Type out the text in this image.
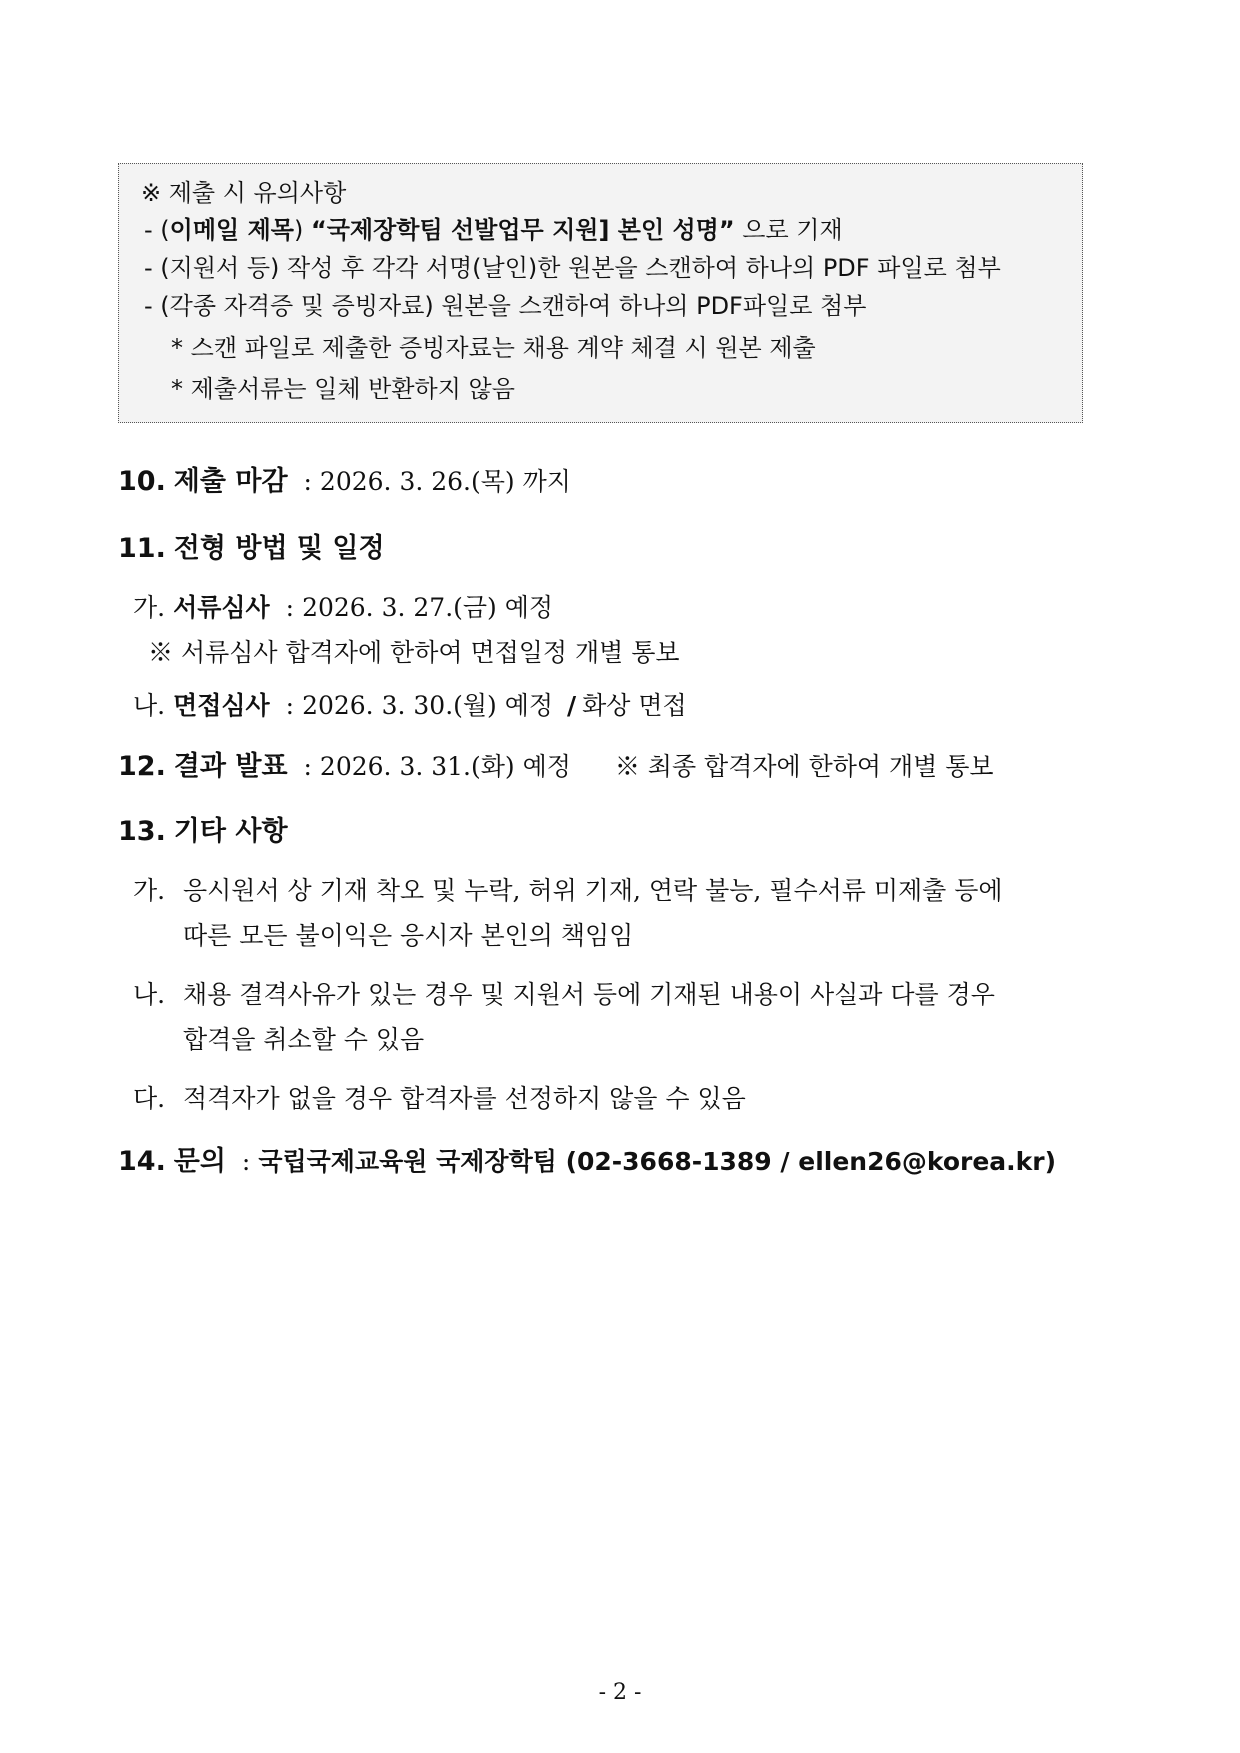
※ 제출 시 유의사항
- (이메일 제목) “국제장학팀 선발업무 지원] 본인 성명” 으로 기재
- (지원서 등) 작성 후 각각 서명(날인)한 원본을 스캔하여 하나의 PDF 파일로 첨부
- (각종 자격증 및 증빙자료) 원본을 스캔하여 하나의 PDF파일로 첨부
* 스캔 파일로 제출한 증빙자료는 채용 계약 체결 시 원본 제출
* 제출서류는 일체 반환하지 않음
10. 제출 마감 : 2026. 3. 26.(목) 까지
11. 전형 방법 및 일정
가. 서류심사 : 2026. 3. 27.(금) 예정
※ 서류심사 합격자에 한하여 면접일정 개별 통보
나. 면접심사 : 2026. 3. 30.(월) 예정 / 화상 면접
12. 결과 발표 : 2026. 3. 31.(화) 예정 ※ 최종 합격자에 한하여 개별 통보
13. 기타 사항
가. 응시원서 상 기재 착오 및 누락, 허위 기재, 연락 불능, 필수서류 미제출 등에
따른 모든 불이익은 응시자 본인의 책임임
나. 채용 결격사유가 있는 경우 및 지원서 등에 기재된 내용이 사실과 다를 경우
합격을 취소할 수 있음
다. 적격자가 없을 경우 합격자를 선정하지 않을 수 있음
14. 문의 : 국립국제교육원 국제장학팀 (02-3668-1389 / ellen26@korea.kr)
- 2 -
